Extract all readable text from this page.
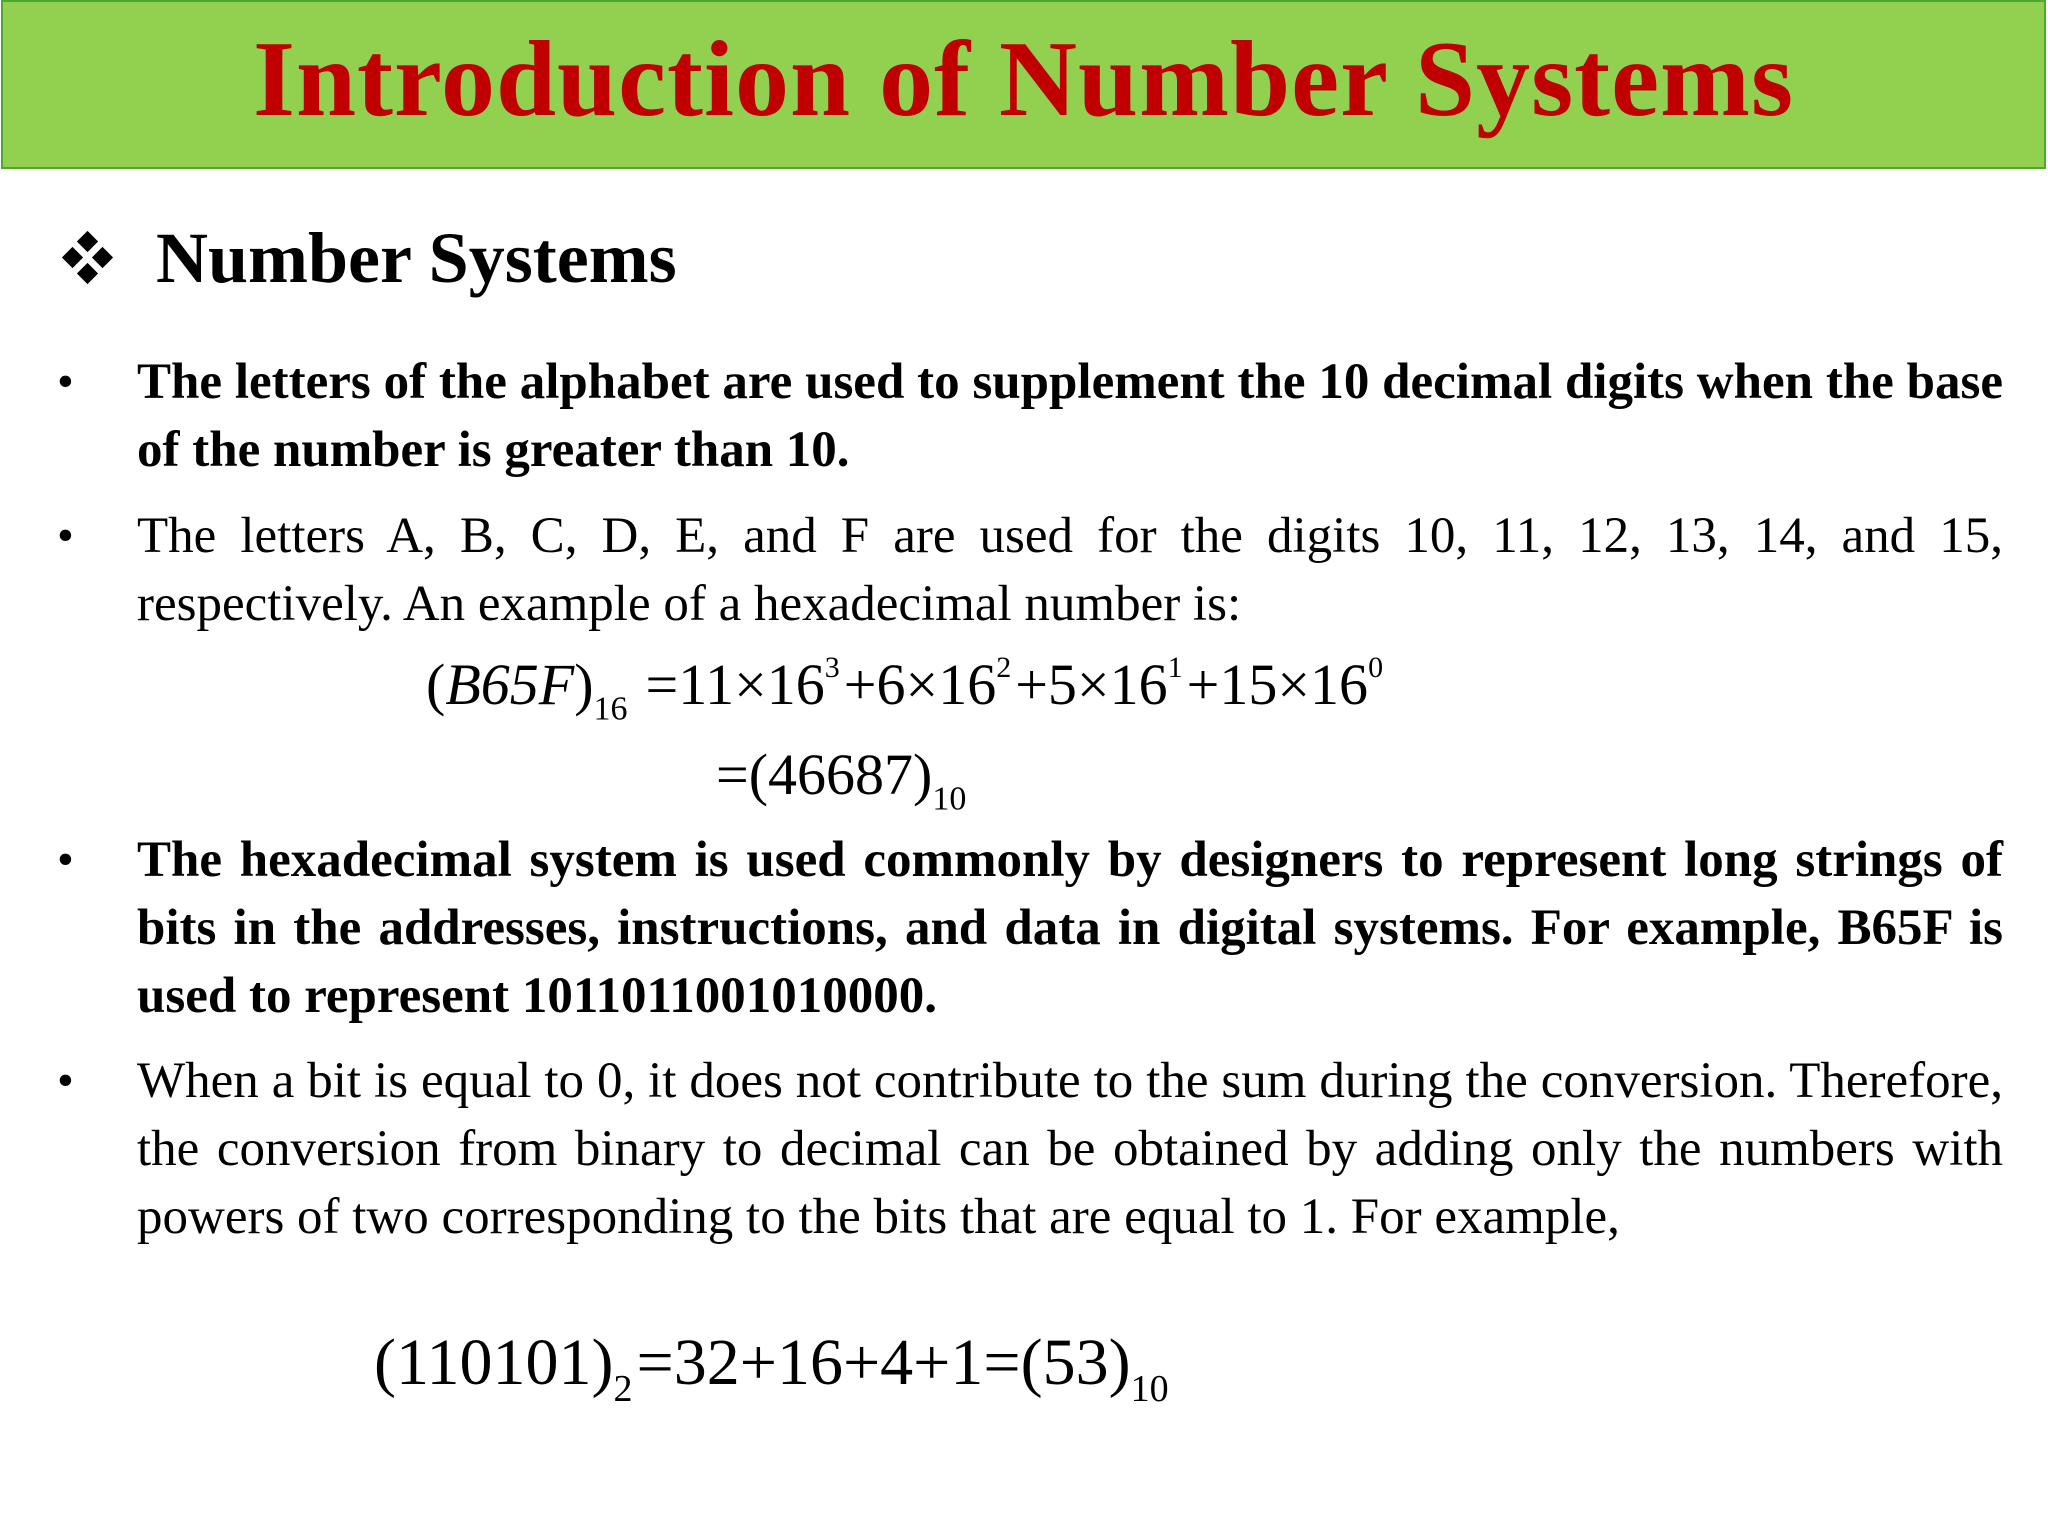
Introduction of Number Systems
Number Systems
•	The letters of the alphabet are used to supplement the 10 decimal digits when the base of the number is greater than 10.
•	The letters A, B, C, D, E, and F are used for the digits 10, 11, 12, 13, 14, and 15, respectively. An example of a hexadecimal number is:
(B65F)16 =11×163 +6×162 +5×161 +15×160
=(46687)10
•	The hexadecimal system is used commonly by designers to represent long strings of bits in the addresses, instructions, and data in digital systems. For example, B65F is used to represent 1011011001010000.
•	When a bit is equal to 0, it does not contribute to the sum during the conversion. Therefore, the conversion from binary to decimal can be obtained by adding only the numbers with powers of two corresponding to the bits that are equal to 1. For example,
(110101)2 =32+16+4+1=(53)10
